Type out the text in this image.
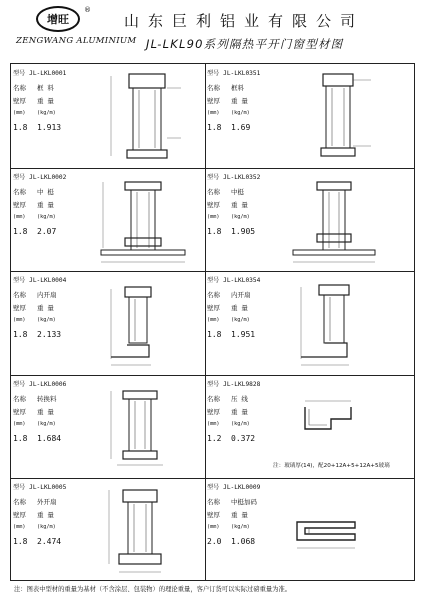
增旺
®
ZENGWANG ALUMINIUM
山东巨利铝业有限公司
JL-LKL90系列隔热平开门窗型材图
型号 JL-LKL0001
名称	框 料
壁厚	重 量
(mm)	(kg/m)
1.8	1.913
型号 JL-LKL0351
名称	框料
壁厚	重 量
(mm)	(kg/m)
1.8	1.69
型号 JL-LKL0002
名称	中 梃
壁厚	重 量
(mm)	(kg/m)
1.8	2.07
型号 JL-LKL0352
名称	中梃
壁厚	重 量
(mm)	(kg/m)
1.8	1.905
型号 JL-LKL0004
名称	内开扇
壁厚	重 量
(mm)	(kg/m)
1.8	2.133
型号 JL-LKL0354
名称	内开扇
壁厚	重 量
(mm)	(kg/m)
1.8	1.951
型号 JL-LKL0006
名称	转换料
壁厚	重 量
(mm)	(kg/m)
1.8	1.684
型号 JL-LKL9828
名称	压 线
壁厚	重 量
(mm)	(kg/m)
1.2	0.372
注：玻璃厚(14)，配20+12A+5+12A+5玻璃
型号 JL-LKL0005
名称	外开扇
壁厚	重 量
(mm)	(kg/m)
1.8	2.474
型号 JL-LKL0009
名称	中梃加码
壁厚	重 量
(mm)	(kg/m)
2.0	1.068
注：图表中型材的重量为基材（不含涂层、包装物）的理论重量，客户订货可以实际过磅重量为准。
